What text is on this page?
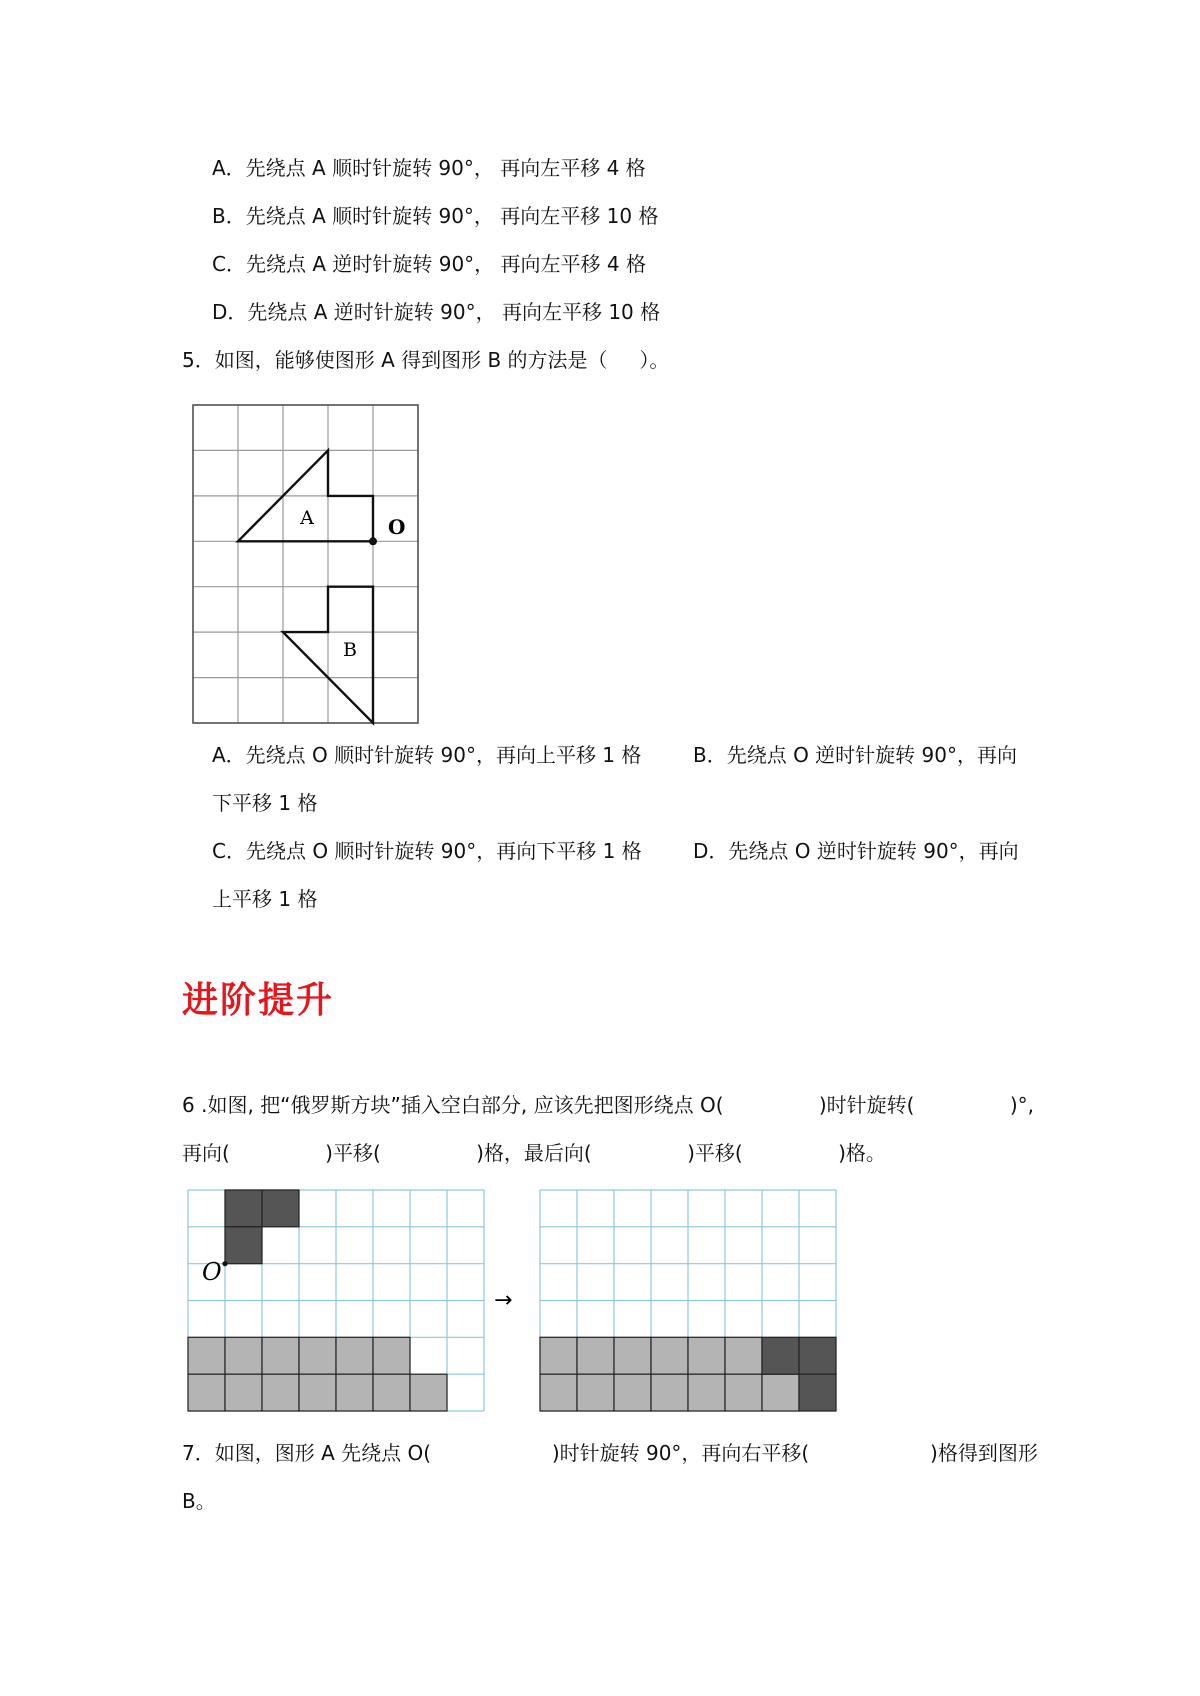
A．先绕点 A 顺时针旋转 90°， 再向左平移 4 格
B．先绕点 A 顺时针旋转 90°， 再向左平移 10 格
C．先绕点 A 逆时针旋转 90°， 再向左平移 4 格
D．先绕点 A 逆时针旋转 90°， 再向左平移 10 格
5．如图，能够使图形 A 得到图形 B 的方法是（     ）。
A
B
O
A．先绕点 O 顺时针旋转 90°，再向上平移 1 格	B．先绕点 O 逆时针旋转 90°，再向
下平移 1 格
C．先绕点 O 顺时针旋转 90°，再向下平移 1 格	D．先绕点 O 逆时针旋转 90°，再向
上平移 1 格
进阶提升
6 .如图, 把“俄罗斯方块”插入空白部分, 应该先把图形绕点 O(               )时针旋转(               )°,
再向(               )平移(               )格，最后向(               )平移(               )格。
O
→
7．如图，图形 A 先绕点 O(                   )时针旋转 90°，再向右平移(                   )格得到图形
B。
